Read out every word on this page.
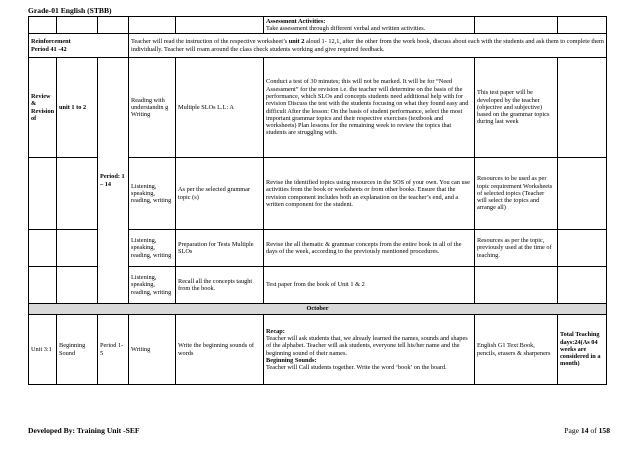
Grade-01 English (STBB)

					Assessment Activities:
Take assessment through different verbal and written activities.		

Reinforcement
Period 41 -42			Teacher will read the instruction of the respective worksheet’s unit 2 aloud 1- 12,1, after the other from the work book, discuss about each with the students and ask them to complete them individually. Teacher will roam around the class check students working and give required feedback.				
Review & Revision of	unit 1 to 2	Period: 1 – 14	Reading with understandin g Writing	Multiple SLOs L.L: A	Conduct a test of 30 minutes; this will not be marked. It will be for “Need Assessment” for the revision i.e. the teacher will determine on the basis of the performance, which SLOs and concepts students need additional help with for revision Discuss the test with the students focusing on what they found easy and difficult After the lesson: On the basis of student performance, select the most important grammar topics and their respective exercises (textbook and worksheets) Plan lessons for the remaining week to review the topics that students are struggling with.	This test paper will be developed by the teacher (objective and subjective) based on the grammar topics during last week	
			Listening, speaking, reading, writing	As per the selected grammar topic (s)	Revise the identified topics using resources in the SOS of your own. You can use activities from the book or worksheets or from other books. Ensure that the revision component includes both an explanation on the teacher’s end, and a written component for the student.	Resources to be used as per topic requirement Worksheets of selected topics (Teacher will select the topics and arrange all)	
			Listening, speaking, reading, writing	Preparation for Tests Multiple SLOs	Revise the all thematic & grammar concepts from the entire book in all of the days of the week, according to the previously mentioned procedures.	Resources as per the topic, previously used at the time of teaching.	
			Listening, speaking, reading, writing	Recall all the concepts taught from the book.	Test paper from the book of Unit 1 & 2		
October							
Unit 3:1	Beginning Sound	Period 1- 5	Writing	Write the beginning sounds of words	Recap:
Teacher will ask students that, we already learned the names, sounds and shapes of the alphabet. Teacher will ask students, everyone tell his/her name and the beginning sound of their names.
Beginning Sounds:
Teacher will Call students together. Write the word ‘book’ on the board.	English G1 Text Book, pencils, erasers & sharpeners	Total Teaching days:24(As 04 weeks are considered in a month)
Developed By: Training Unit -SEF	Page 14 of 158
